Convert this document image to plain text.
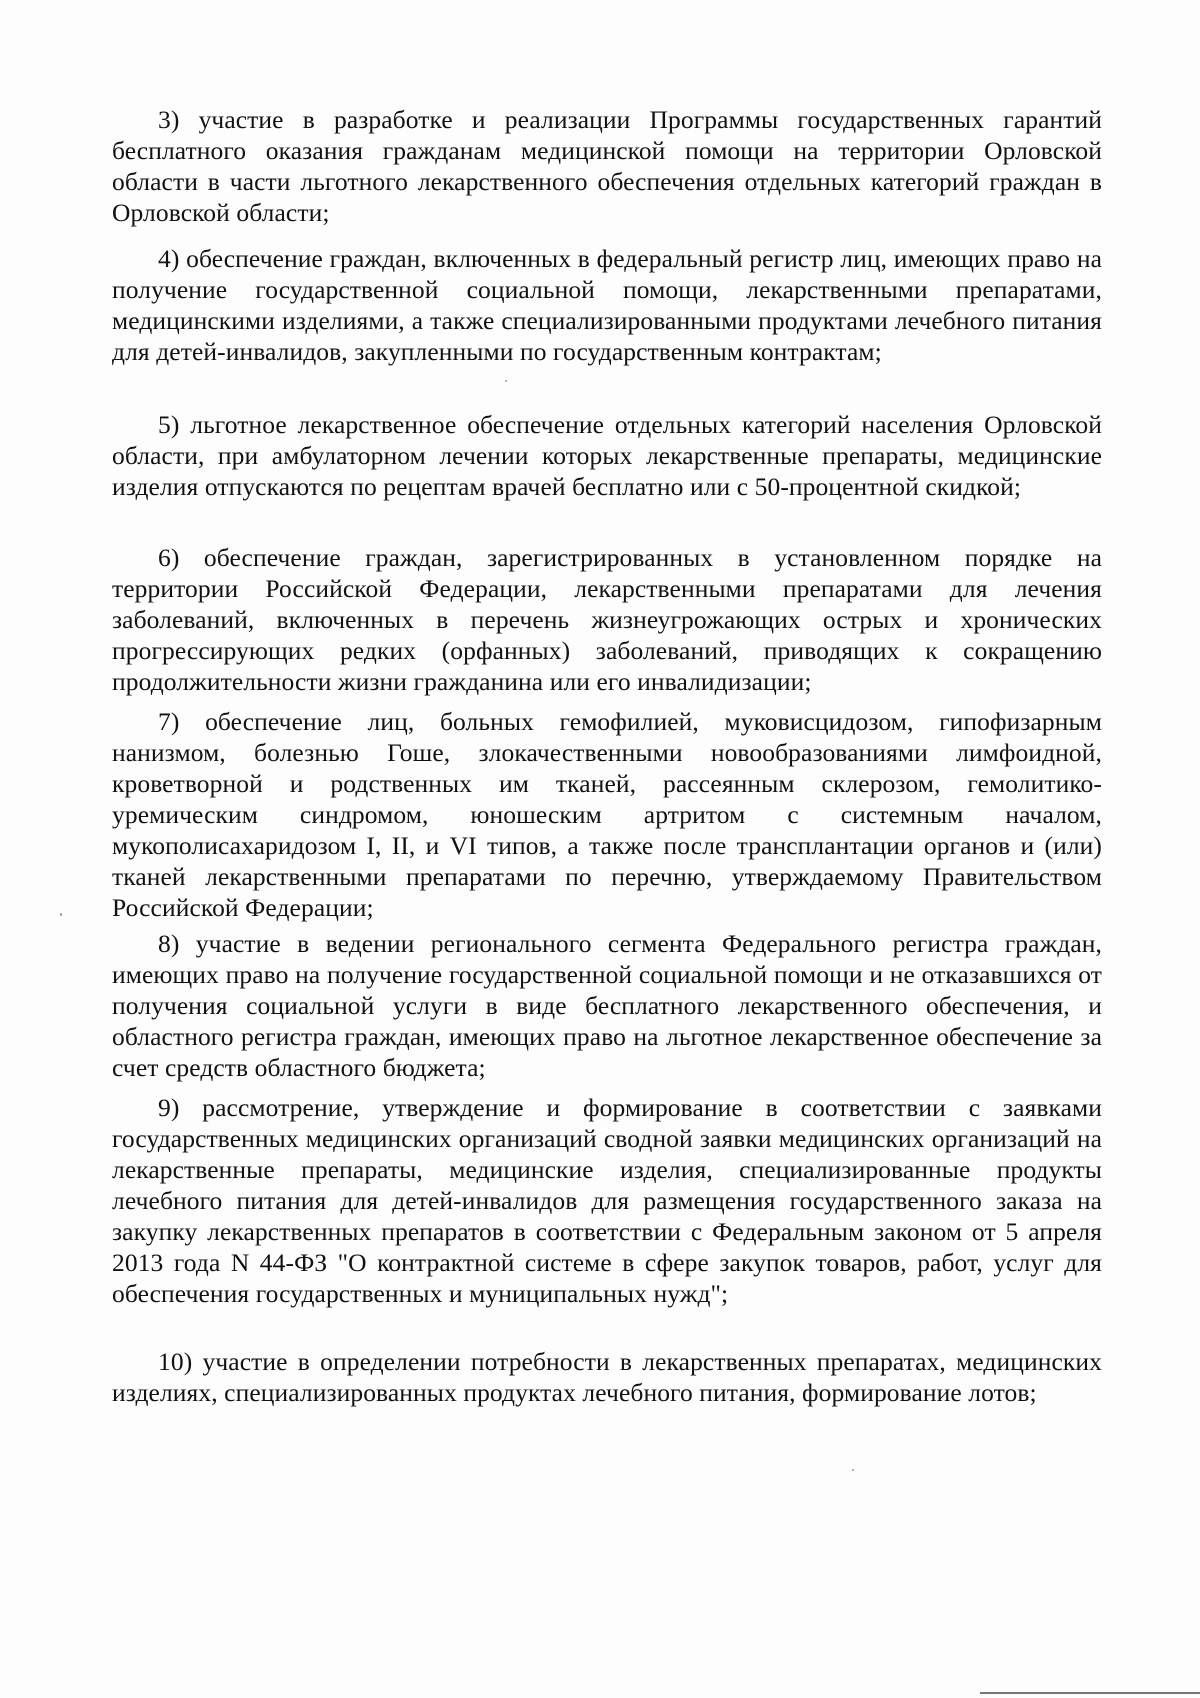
3) участие в разработке и реализации Программы государственных гарантий бесплатного оказания гражданам медицинской помощи на территории Орловской области в части льготного лекарственного обеспечения отдельных категорий граждан в Орловской области;

4) обеспечение граждан, включенных в федеральный регистр лиц, имеющих право на получение государственной социальной помощи, лекарственными препаратами, медицинскими изделиями, а также специализированными продуктами лечебного питания для детей-инвалидов, закупленными по государственным контрактам;

5) льготное лекарственное обеспечение отдельных категорий населения Орловской области, при амбулаторном лечении которых лекарственные препараты, медицинские изделия отпускаются по рецептам врачей бесплатно или с 50-процентной скидкой;

6) обеспечение граждан, зарегистрированных в установленном порядке на территории Российской Федерации, лекарственными препаратами для лечения заболеваний, включенных в перечень жизнеугрожающих острых и хронических прогрессирующих редких (орфанных) заболеваний, приводящих к сокращению продолжительности жизни гражданина или его инвалидизации;

7) обеспечение лиц, больных гемофилией, муковисцидозом, гипофизарным нанизмом, болезнью Гоше, злокачественными новообразованиями лимфоидной, кроветворной и родственных им тканей, рассеянным склерозом, гемолитико-уремическим синдромом, юношеским артритом с системным началом, мукополисахаридозом I, II, и VI типов, а также после трансплантации органов и (или) тканей лекарственными препаратами по перечню, утверждаемому Правительством Российской Федерации;

8) участие в ведении регионального сегмента Федерального регистра граждан, имеющих право на получение государственной социальной помощи и не отказавшихся от получения социальной услуги в виде бесплатного лекарственного обеспечения, и областного регистра граждан, имеющих право на льготное лекарственное обеспечение за счет средств областного бюджета;

9) рассмотрение, утверждение и формирование в соответствии с заявками государственных медицинских организаций сводной заявки медицинских организаций на лекарственные препараты, медицинские изделия, специализированные продукты лечебного питания для детей-инвалидов для размещения государственного заказа на закупку лекарственных препаратов в соответствии с Федеральным законом от 5 апреля 2013 года N 44-ФЗ "О контрактной системе в сфере закупок товаров, работ, услуг для обеспечения государственных и муниципальных нужд";

10) участие в определении потребности в лекарственных препаратах, медицинских изделиях, специализированных продуктах лечебного питания, формирование лотов;
